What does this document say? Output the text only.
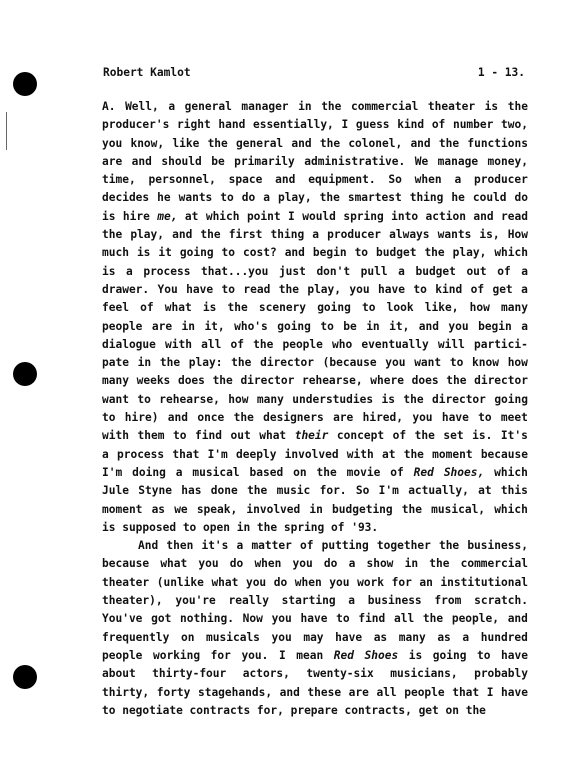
Robert Kamlot	1 - 13.
A. Well, a general manager in the commercial theater is the
producer's right hand essentially, I guess kind of number two,
you know, like the general and the colonel, and the functions
are and should be primarily administrative. We manage money,
time, personnel, space and equipment. So when a producer
decides he wants to do a play, the smartest thing he could do
is hire me, at which point I would spring into action and read
the play, and the first thing a producer always wants is, How
much is it going to cost? and begin to budget the play, which
is a process that...you just don't pull a budget out of a
drawer. You have to read the play, you have to kind of get a
feel of what is the scenery going to look like, how many
people are in it, who's going to be in it, and you begin a
dialogue with all of the people who eventually will partici-
pate in the play: the director (because you want to know how
many weeks does the director rehearse, where does the director
want to rehearse, how many understudies is the director going
to hire) and once the designers are hired, you have to meet
with them to find out what their concept of the set is. It's
a process that I'm deeply involved with at the moment because
I'm doing a musical based on the movie of Red Shoes, which
Jule Styne has done the music for. So I'm actually, at this
moment as we speak, involved in budgeting the musical, which
is supposed to open in the spring of '93.
And then it's a matter of putting together the business,
because what you do when you do a show in the commercial
theater (unlike what you do when you work for an institutional
theater), you're really starting a business from scratch.
You've got nothing. Now you have to find all the people, and
frequently on musicals you may have as many as a hundred
people working for you. I mean Red Shoes is going to have
about thirty-four actors, twenty-six musicians, probably
thirty, forty stagehands, and these are all people that I have
to negotiate contracts for, prepare contracts, get on the
